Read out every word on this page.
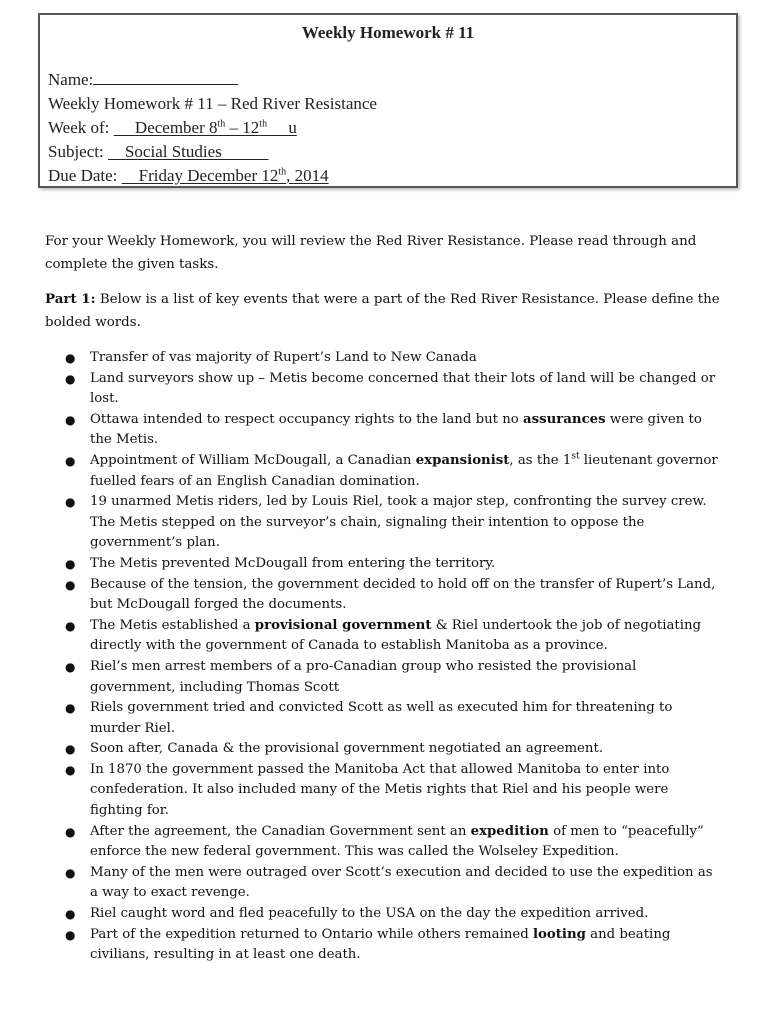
Weekly Homework # 11
Name:
Weekly Homework # 11 – Red River Resistance
Week of: December 8th – 12th     u
Subject: Social Studies
Due Date: Friday December 12th, 2014

For your Weekly Homework, you will review the Red River Resistance. Please read through and complete the given tasks.

Part 1: Below is a list of key events that were a part of the Red River Resistance. Please define the bolded words.

● Transfer of vas majority of Rupert’s Land to New Canada
● Land surveyors show up – Metis become concerned that their lots of land will be changed or lost.
● Ottawa intended to respect occupancy rights to the land but no assurances were given to the Metis.
● Appointment of William McDougall, a Canadian expansionist, as the 1st lieutenant governor fuelled fears of an English Canadian domination.
● 19 unarmed Metis riders, led by Louis Riel, took a major step, confronting the survey crew. The Metis stepped on the surveyor’s chain, signaling their intention to oppose the government’s plan.
● The Metis prevented McDougall from entering the territory.
● Because of the tension, the government decided to hold off on the transfer of Rupert’s Land, but McDougall forged the documents.
● The Metis established a provisional government & Riel undertook the job of negotiating directly with the government of Canada to establish Manitoba as a province.
● Riel’s men arrest members of a pro-Canadian group who resisted the provisional government, including Thomas Scott
● Riels government tried and convicted Scott as well as executed him for threatening to murder Riel.
● Soon after, Canada & the provisional government negotiated an agreement.
● In 1870 the government passed the Manitoba Act that allowed Manitoba to enter into confederation. It also included many of the Metis rights that Riel and his people were fighting for.
● After the agreement, the Canadian Government sent an expedition of men to “peacefully” enforce the new federal government. This was called the Wolseley Expedition.
● Many of the men were outraged over Scott’s execution and decided to use the expedition as a way to exact revenge.
● Riel caught word and fled peacefully to the USA on the day the expedition arrived.
● Part of the expedition returned to Ontario while others remained looting and beating civilians, resulting in at least one death.
